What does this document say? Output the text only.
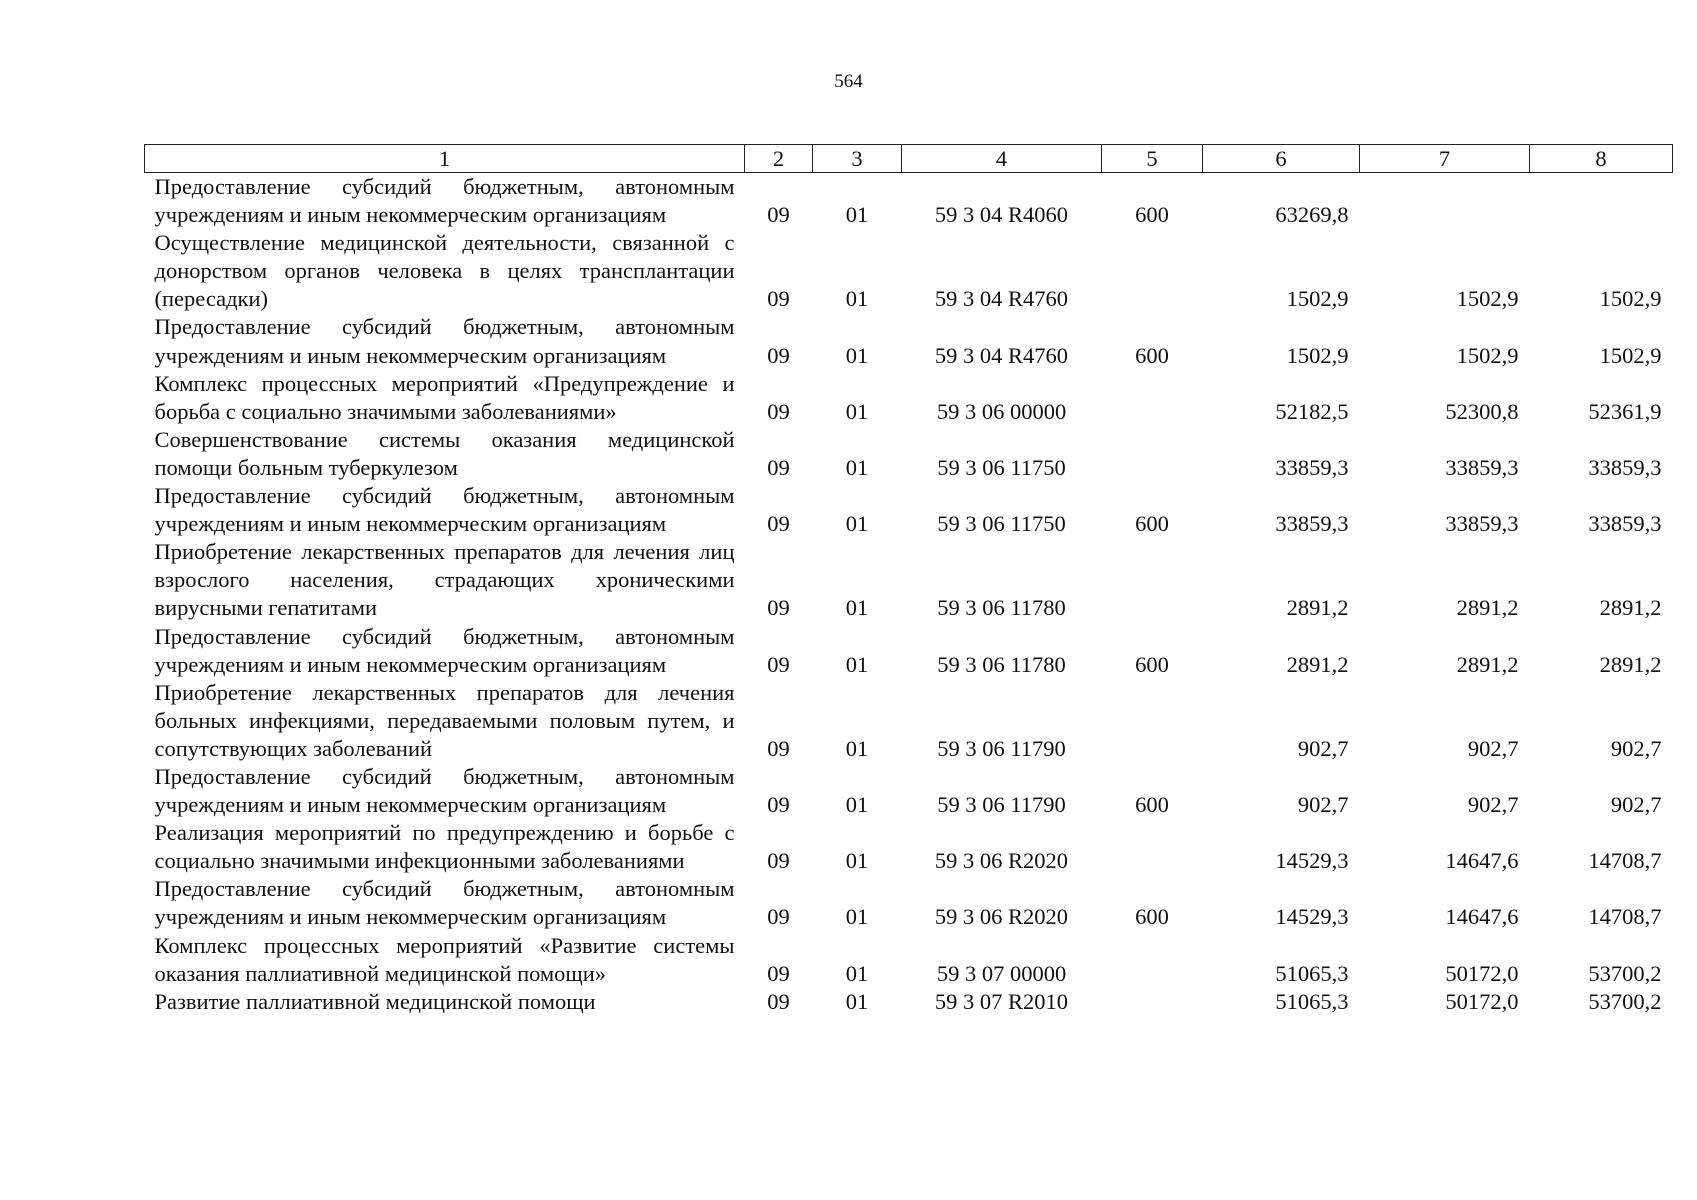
564
1	2	3	4	5	6	7	8
Предоставление субсидий бюджетным, автономным учреждениям и иным некоммерческим организациям	09	01	59 3 04 R4060	600	63269,8		
Осуществление медицинской деятельности, связанной с донорством органов человека в целях трансплантации (пересадки)	09	01	59 3 04 R4760		1502,9	1502,9	1502,9
Предоставление субсидий бюджетным, автономным учреждениям и иным некоммерческим организациям	09	01	59 3 04 R4760	600	1502,9	1502,9	1502,9
Комплекс процессных мероприятий «Предупреждение и борьба с социально значимыми заболеваниями»	09	01	59 3 06 00000		52182,5	52300,8	52361,9
Совершенствование системы оказания медицинской помощи больным туберкулезом	09	01	59 3 06 11750		33859,3	33859,3	33859,3
Предоставление субсидий бюджетным, автономным учреждениям и иным некоммерческим организациям	09	01	59 3 06 11750	600	33859,3	33859,3	33859,3
Приобретение лекарственных препаратов для лечения лиц взрослого населения, страдающих хроническими вирусными гепатитами	09	01	59 3 06 11780		2891,2	2891,2	2891,2
Предоставление субсидий бюджетным, автономным учреждениям и иным некоммерческим организациям	09	01	59 3 06 11780	600	2891,2	2891,2	2891,2
Приобретение лекарственных препаратов для лечения больных инфекциями, передаваемыми половым путем, и сопутствующих заболеваний	09	01	59 3 06 11790		902,7	902,7	902,7
Предоставление субсидий бюджетным, автономным учреждениям и иным некоммерческим организациям	09	01	59 3 06 11790	600	902,7	902,7	902,7
Реализация мероприятий по предупреждению и борьбе с социально значимыми инфекционными заболеваниями	09	01	59 3 06 R2020		14529,3	14647,6	14708,7
Предоставление субсидий бюджетным, автономным учреждениям и иным некоммерческим организациям	09	01	59 3 06 R2020	600	14529,3	14647,6	14708,7
Комплекс процессных мероприятий «Развитие системы оказания паллиативной медицинской помощи»	09	01	59 3 07 00000		51065,3	50172,0	53700,2
Развитие паллиативной медицинской помощи	09	01	59 3 07 R2010		51065,3	50172,0	53700,2
